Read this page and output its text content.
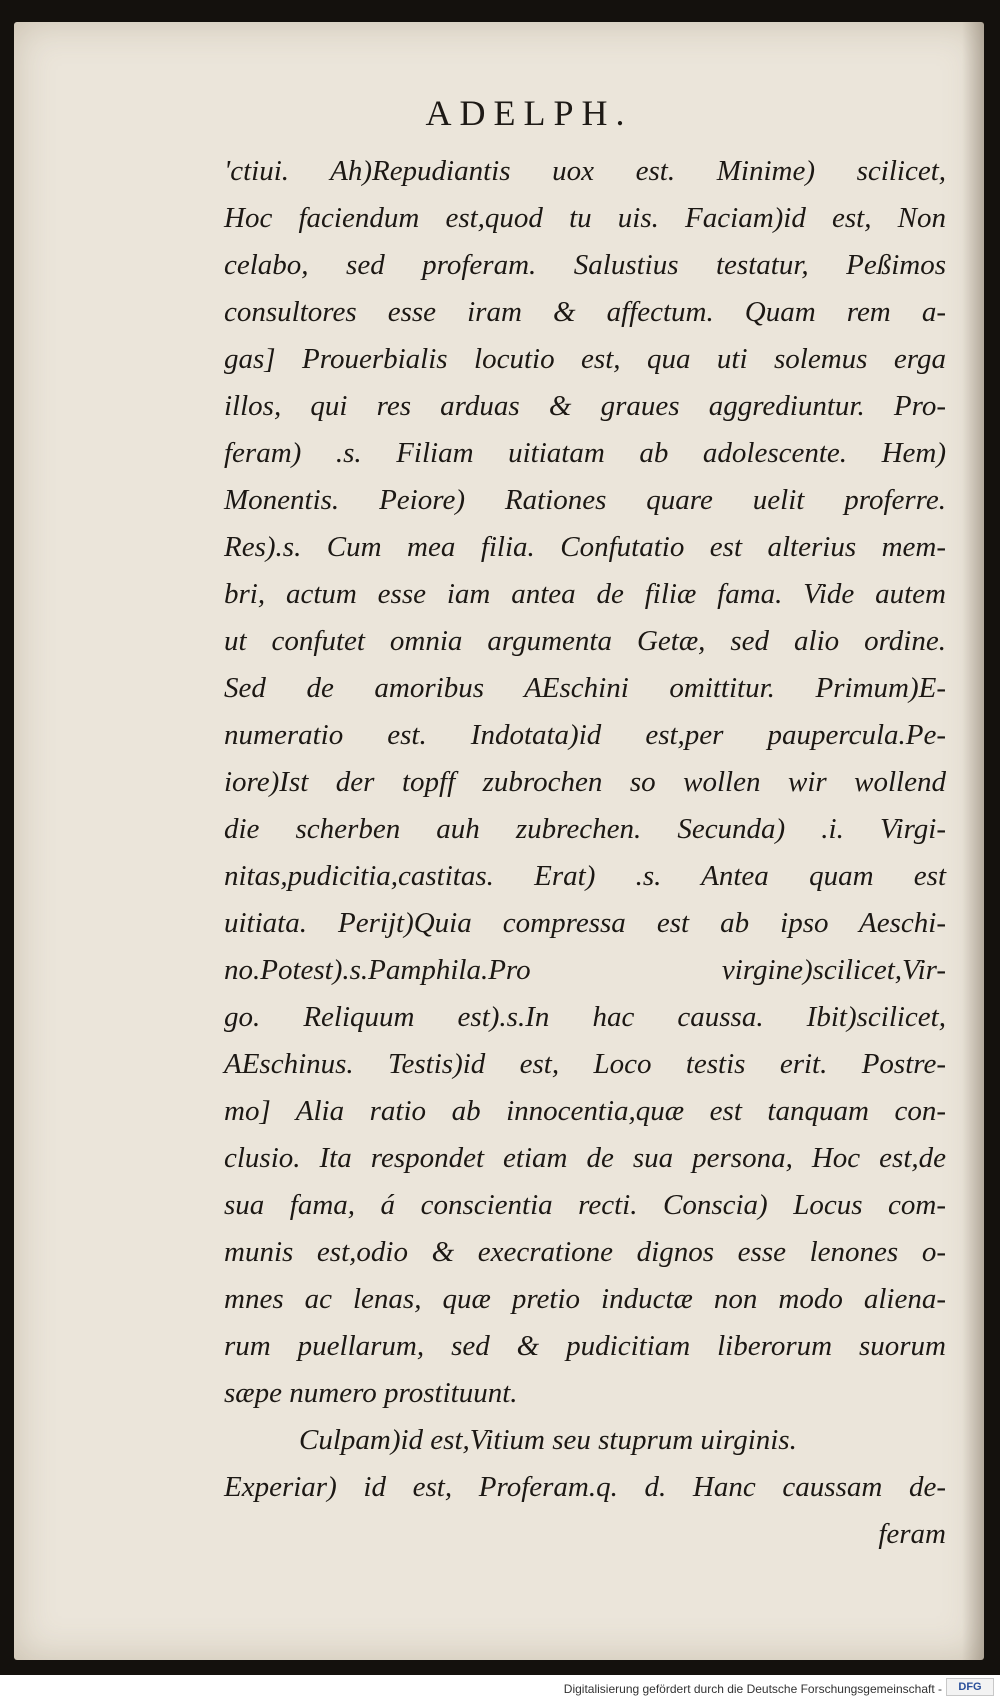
ADELPH.
'ctiui. Ah)Repudiantis uox est. Minime) scilicet,
Hoc faciendum est,quod tu uis. Faciam)id est, Non
celabo, sed proferam. Salustius testatur, Peßimos
consultores esse iram & affectum. Quam rem a-
gas] Prouerbialis locutio est, qua uti solemus erga
illos, qui res arduas & graues aggrediuntur. Pro-
feram) .s. Filiam uitiatam ab adolescente. Hem)
Monentis. Peiore) Rationes quare uelit proferre.
Res).s. Cum mea filia. Confutatio est alterius mem-
bri, actum esse iam antea de filiæ fama. Vide autem
ut confutet omnia argumenta Getæ, sed alio ordine.
Sed de amoribus AEschini omittitur. Primum)E-
numeratio est. Indotata)id est,per paupercula.Pe-
iore)Ist der topff zubrochen so wollen wir wollend
die scherben auh zubrechen. Secunda) .i. Virgi-
nitas,pudicitia,castitas. Erat) .s. Antea quam est
uitiata. Perijt)Quia compressa est ab ipso Aeschi-
no.Potest).s.Pamphila.Pro virgine)scilicet,Vir-
go. Reliquum est).s.In hac caussa. Ibit)scilicet,
AEschinus. Testis)id est, Loco testis erit. Postre-
mo] Alia ratio ab innocentia,quæ est tanquam con-
clusio. Ita respondet etiam de sua persona, Hoc est,de
sua fama, á conscientia recti. Conscia) Locus com-
munis est,odio & execratione dignos esse lenones o-
mnes ac lenas, quæ pretio inductæ non modo aliena-
rum puellarum, sed & pudicitiam liberorum suorum
sæpe numero prostituunt.
Culpam)id est,Vitium seu stuprum uirginis.
Experiar) id est, Proferam.q. d. Hanc caussam de-
feram
Digitalisierung gefördert durch die Deutsche Forschungsgemeinschaft -	DFG
